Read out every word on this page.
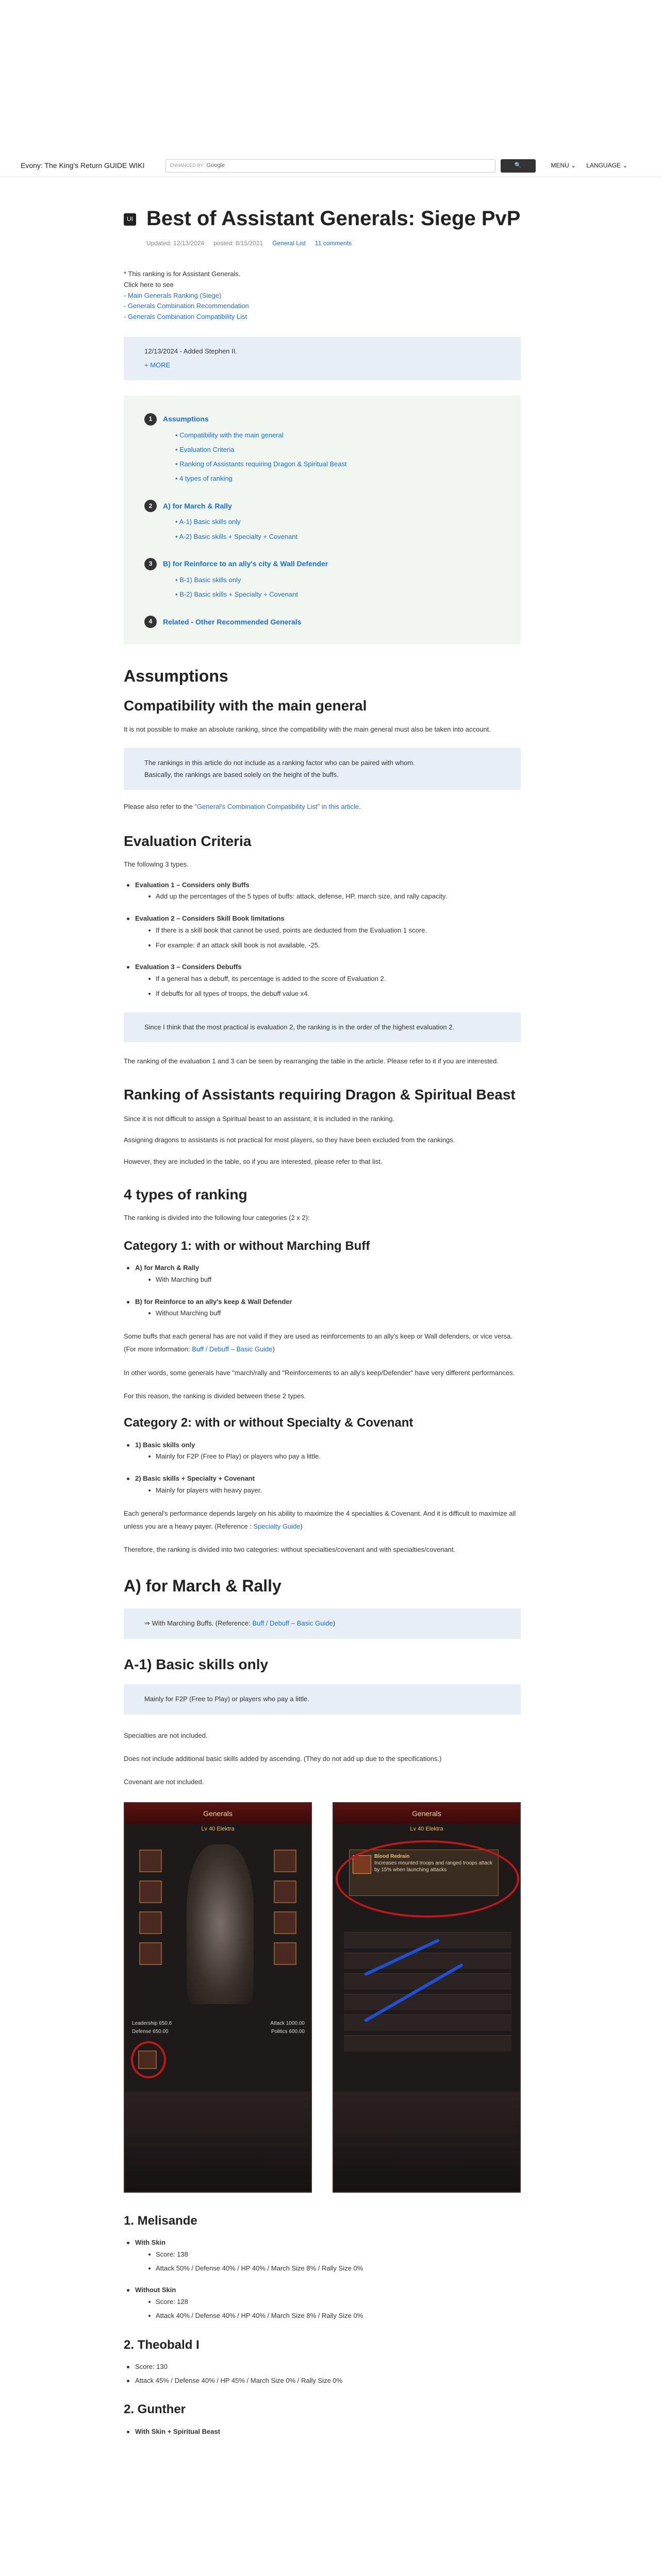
Evony: The King's Return GUIDE WIKI	ENHANCED BY Google	🔍	MENU ⌄ LANGUAGE ⌄
UI Best of Assistant Generals: Siege PvP
Updated: 12/13/2024 posted: 8/15/2021 General List 11 comments
* This ranking is for Assistant Generals.
Click here to see
- Main Generals Ranking (Siege)
- Generals Combination Recommendation
- Generals Combination Compatibility List
12/13/2024 - Added Stephen II.
+ MORE
1	Assumptions
• Compatibility with the main general
• Evaluation Criteria
• Ranking of Assistants requiring Dragon & Spiritual Beast
• 4 types of ranking
2	A) for March & Rally
• A-1) Basic skills only
• A-2) Basic skills + Specialty + Covenant
3	B) for Reinforce to an ally's city & Wall Defender
• B-1) Basic skills only
• B-2) Basic skills + Specialty + Covenant
4	Related - Other Recommended Generals
Assumptions
Compatibility with the main general

It is not possible to make an absolute ranking, since the compatibility with the main general must also be taken into account.

The rankings in this article do not include as a ranking factor who can be paired with whom.
Basically, the rankings are based solely on the height of the buffs.

Please also refer to the "General's Combination Compatibility List" in this article.

Evaluation Criteria

The following 3 types.

Evaluation 1 – Considers only Buffs
Add up the percentages of the 5 types of buffs: attack, defense, HP, march size, and rally capacity.
Evaluation 2 – Considers Skill Book limitations
If there is a skill book that cannot be used, points are deducted from the Evaluation 1 score.
For example: if an attack skill book is not available, -25.
Evaluation 3 – Considers Debuffs
If a general has a debuff, its percentage is added to the score of Evaluation 2.
If debuffs for all types of troops, the debuff value x4.
Since I think that the most practical is evaluation 2, the ranking is in the order of the highest evaluation 2.

The ranking of the evaluation 1 and 3 can be seen by rearranging the table in the article. Please refer to it if you are interested.

Ranking of Assistants requiring Dragon & Spiritual Beast

Since it is not difficult to assign a Spiritual beast to an assistant, it is included in the ranking.

Assigning dragons to assistants is not practical for most players, so they have been excluded from the rankings.

However, they are included in the table, so if you are interested, please refer to that list.

4 types of ranking

The ranking is divided into the following four categories (2 x 2):

Category 1: with or without Marching Buff
A) for March & Rally
With Marching buff
B) for Reinforce to an ally's keep & Wall Defender
Without Marching buff

Some buffs that each general has are not valid if they are used as reinforcements to an ally's keep or Wall defenders, or vice versa. (For more information: Buff / Debuff – Basic Guide)

In other words, some generals have "march/rally and "Reinforcements to an ally's keep/Defender" have very different performances.

For this reason, the ranking is divided between these 2 types.

Category 2: with or without Specialty & Covenant
1) Basic skills only
Mainly for F2P (Free to Play) or players who pay a little.
2) Basic skills + Specialty + Covenant
Mainly for players with heavy payer.

Each general's performance depends largely on his ability to maximize the 4 specialties & Covenant. And it is difficult to maximize all unless you are a heavy payer. (Reference : Specialty Guide)

Therefore, the ranking is divided into two categories: without specialties/covenant and with specialties/covenant.

A) for March & Rally
⇒ With Marching Buffs. (Reference: Buff / Debuff – Basic Guide)
A-1) Basic skills only
Mainly for F2P (Free to Play) or players who pay a little.

Specialties are not included.

Does not include additional basic skills added by ascending. (They do not add up due to the specifications.)

Covenant are not included.

Generals
Lv 40 Elektra
Leadership 650.6	Attack 1000.00
Defense 650.00	Politics 600.00
Generals
Lv 40 Elektra
Blood Redrain
Increases mounted troops and ranged troops attack by 15% when launching attacks
1. Melisande
With Skin
Score: 138
Attack 50% / Defense 40% / HP 40% / March Size 8% / Rally Size 0%
Without Skin
Score: 128
Attack 40% / Defense 40% / HP 40% / March Size 8% / Rally Size 0%
2. Theobald I
Score: 130
Attack 45% / Defense 40% / HP 45% / March Size 0% / Rally Size 0%
2. Gunther
With Skin + Spiritual Beast
